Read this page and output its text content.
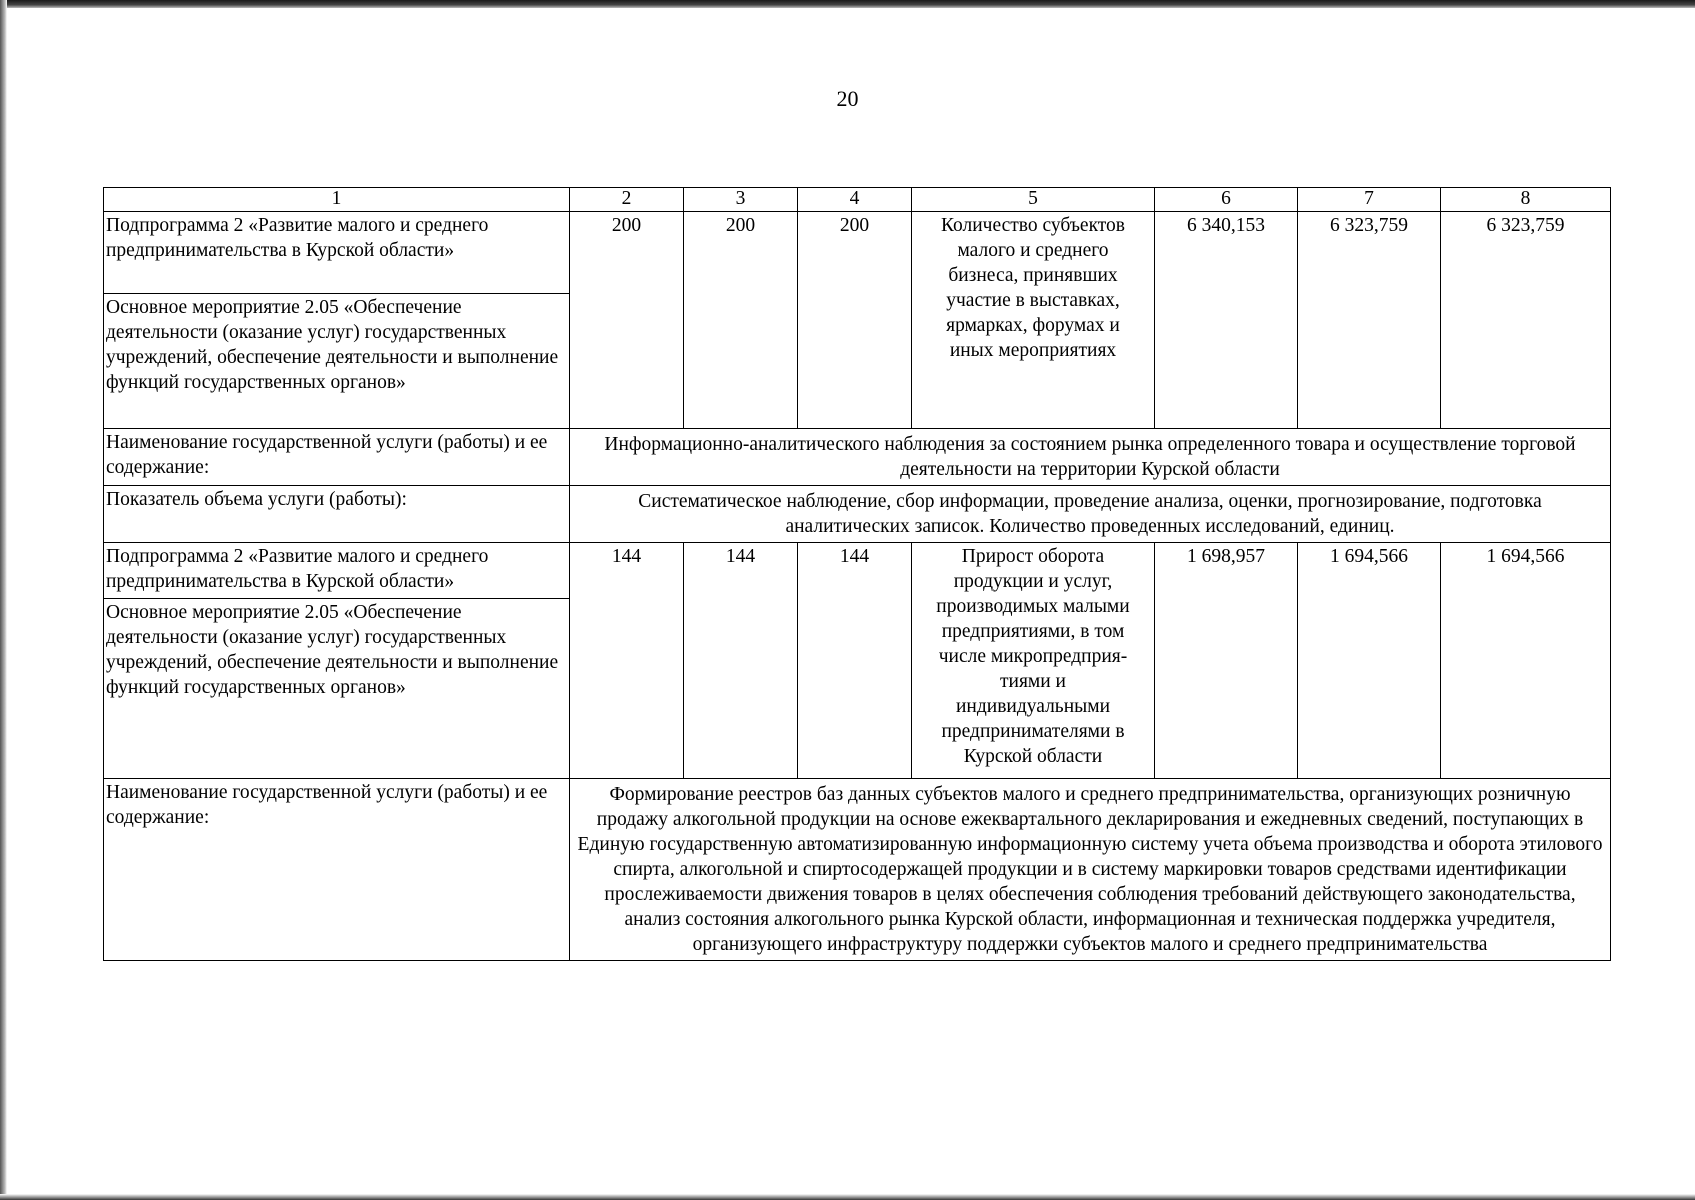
20
1	2	3	4	5	6	7	8
Подпрограмма 2 «Развитие малого и среднего предпринимательства в Курской области»	200	200	200	Количество субъектов малого и среднего бизнеса, принявших участие в выставках, ярмарках, форумах и иных мероприятиях	6 340,153	6 323,759	6 323,759
Основное мероприятие 2.05 «Обеспечение деятельности (оказание услуг) государственных учреждений, обеспечение деятельности и выполнение функций государственных органов»							
Наименование государственной услуги (работы) и ее содержание:	Информационно-аналитического наблюдения за состоянием рынка определенного товара и осуществление торговой деятельности на территории Курской области						
Показатель объема услуги (работы):	Систематическое наблюдение, сбор информации, проведение анализа, оценки, прогнозирование, подготовка аналитических записок. Количество проведенных исследований, единиц.						
Подпрограмма 2 «Развитие малого и среднего предпринимательства в Курской области»	144	144	144	Прирост оборота продукции и услуг, производимых малыми предприятиями, в том числе микропредприя-тиями и индивидуальными предпринимателями в Курской области	1 698,957	1 694,566	1 694,566
Основное мероприятие 2.05 «Обеспечение деятельности (оказание услуг) государственных учреждений, обеспечение деятельности и выполнение функций государственных органов»							
Наименование государственной услуги (работы) и ее содержание:	Формирование реестров баз данных субъектов малого и среднего предпринимательства, организующих розничную продажу алкогольной продукции на основе ежеквартального декларирования и ежедневных сведений, поступающих в Единую государственную автоматизированную информационную систему учета объема производства и оборота этилового спирта, алкогольной и спиртосодержащей продукции и в систему маркировки товаров средствами идентификации прослеживаемости движения товаров в целях обеспечения соблюдения требований действующего законодательства, анализ состояния алкогольного рынка Курской области, информационная и техническая поддержка учредителя, организующего инфраструктуру поддержки субъектов малого и среднего предпринимательства						
